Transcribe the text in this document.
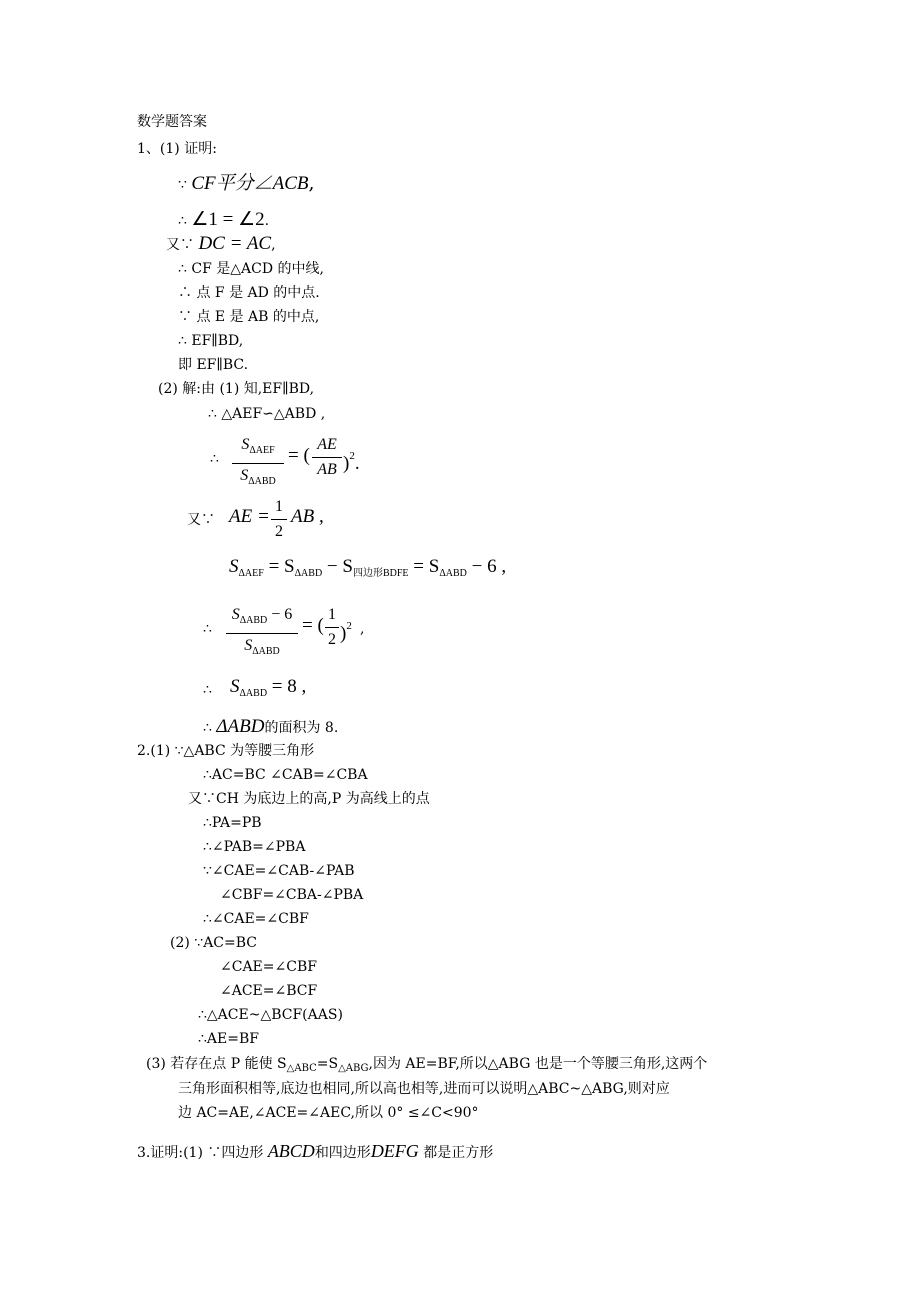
数学题答案
1、(1) 证明:
∵ CF平分∠ACB,
∴ ∠1 = ∠2.
又∵ DC = AC,
∴ CF 是△ACD 的中线,
∴ 点 F 是 AD 的中点.
∵ 点 E 是 AB 的中点,
∴ EF∥BD,
即 EF∥BC.
(2) 解:由 (1) 知,EF∥BD,
∴ △AEF∽△ABD ,
∴
$S_{\Delta AEF}$
$S_{\Delta ABD}$
= (
AE
AB )$^2$.
又∵ AE = 1
2
AB ,
$S_{\Delta AEF} = S_{\Delta ABD} - S_{四边形BDFE} = S_{\Delta ABD} - 6$ ,
∴
$S_{\Delta ABD} - 6$
$S_{\Delta ABD}$
= (
1
2 )$^2$ ,
∴ $S_{\Delta ABD} = 8$ ,
∴ ΔABD的面积为 8.
2.(1) ∵△ABC 为等腰三角形
∴AC=BC ∠CAB=∠CBA
又∵CH 为底边上的高,P 为高线上的点
∴PA=PB
∴∠PAB=∠PBA
∵∠CAE=∠CAB-∠PAB
∠CBF=∠CBA-∠PBA
∴∠CAE=∠CBF
(2) ∵AC=BC
∠CAE=∠CBF
∠ACE=∠BCF
∴△ACE~△BCF(AAS)
∴AE=BF
(3) 若存在点 P 能使 $S_{\triangle ABC}=S_{\triangle ABG}$,因为 AE=BF,所以△ABG 也是一个等腰三角形,这两个
三角形面积相等,底边也相同,所以高也相等,进而可以说明△ABC~△ABG,则对应
边 AC=AE,∠ACE=∠AEC,所以 0° ≤∠C<90°
3.证明:(1) ∵四边形 ABCD和四边形DEFG 都是正方形
